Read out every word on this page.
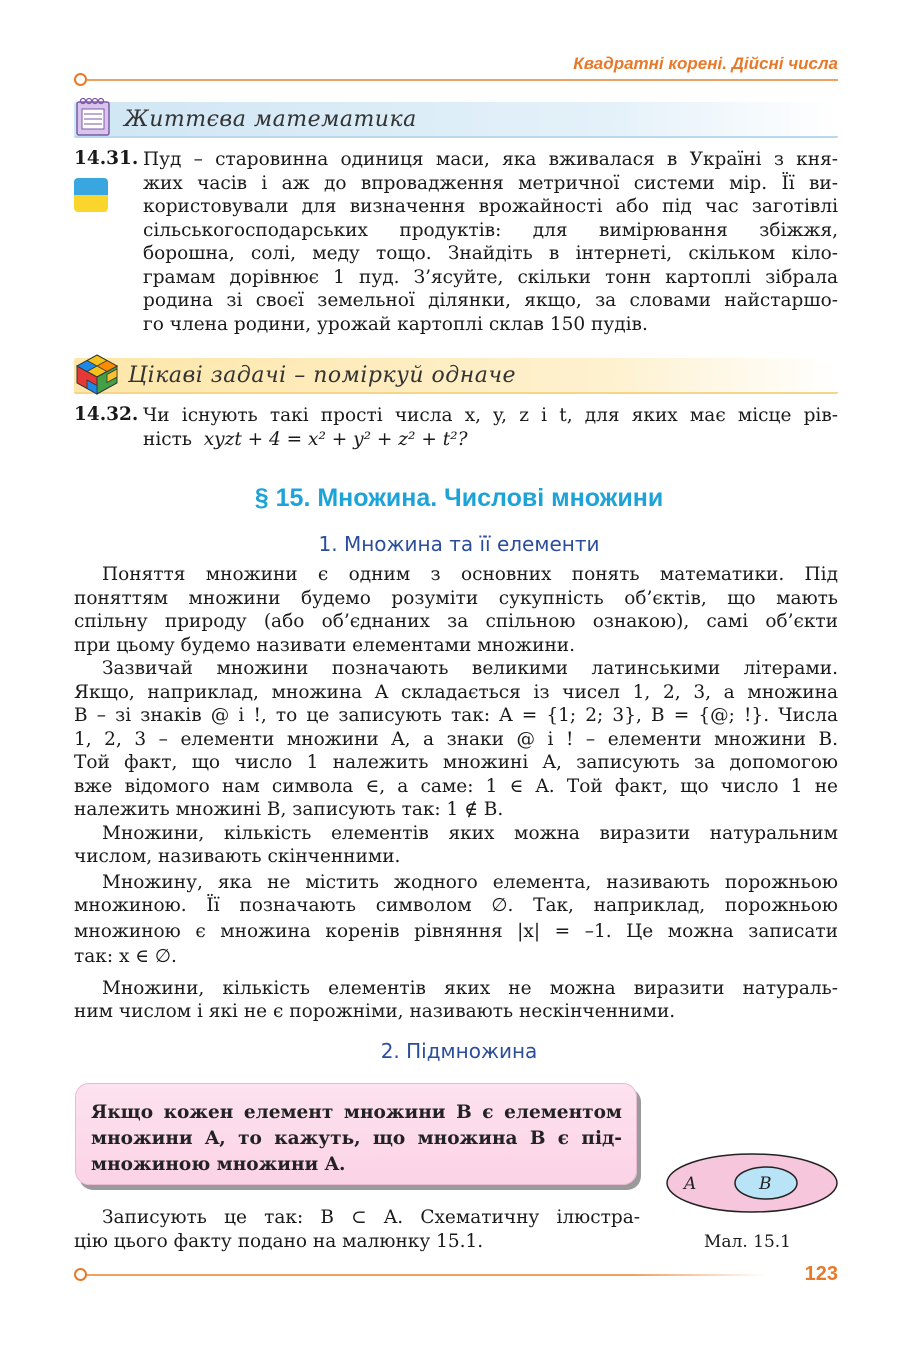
Квадратні корені. Дійсні числа
Життєва математика
14.31. Пуд – старовинна одиниця маси, яка вживалася в Україні з кня-
жих часів і аж до впровадження метричної системи мір. Її ви-
користовували для визначення врожайності або під час заготівлі
сільськогосподарських продуктів: для вимірювання збіжжя,
борошна, солі, меду тощо. Знайдіть в інтернеті, скільком кіло-
грамам дорівнює 1 пуд. З’ясуйте, скільки тонн картоплі зібрала
родина зі своєї земельної ділянки, якщо, за словами найстаршо-
го члена родини, урожай картоплі склав 150 пудів.
Цікаві задачі – поміркуй одначе
14.32. Чи існують такі прості числа x, y, z і t, для яких має місце рів-
ність xyzt + 4 = x² + y² + z² + t²?
§ 15. Множина. Числові множини
1. Множина та її елементи
Поняття множини є одним з основних понять математики. Під
поняттям множини будемо розуміти сукупність об’єктів, що мають
спільну природу (або об’єднаних за спільною ознакою), самі об’єкти
при цьому будемо називати елементами множини.
Зазвичай множини позначають великими латинськими літерами.
Якщо, наприклад, множина A складається із чисел 1, 2, 3, а множина
B – зі знаків @ і !, то це записують так: A = {1; 2; 3}, B = {@; !}. Числа
1, 2, 3 – елементи множини A, а знаки @ і ! – елементи множини B.
Той факт, що число 1 належить множині A, записують за допомогою
вже відомого нам символа ∈, а саме: 1 ∈ A. Той факт, що число 1 не
належить множині B, записують так: 1 ∉ B.
Множини, кількість елементів яких можна виразити натуральним
числом, називають скінченними.
Множину, яка не містить жодного елемента, називають порожньою
множиною. Її позначають символом ∅. Так, наприклад, порожньою
множиною є множина коренів рівняння |x| = –1. Це можна записати
так: x ∈ ∅.
Множини, кількість елементів яких не можна виразити натураль-
ним числом і які не є порожніми, називають нескінченними.
2. Підмножина
Якщо кожен елемент множини B є елементом
множини A, то кажуть, що множина B є під-
множиною множини A.
A	B
Мал. 15.1
Записують це так: B ⊂ A. Схематичну ілюстра-
цію цього факту подано на малюнку 15.1.
123
